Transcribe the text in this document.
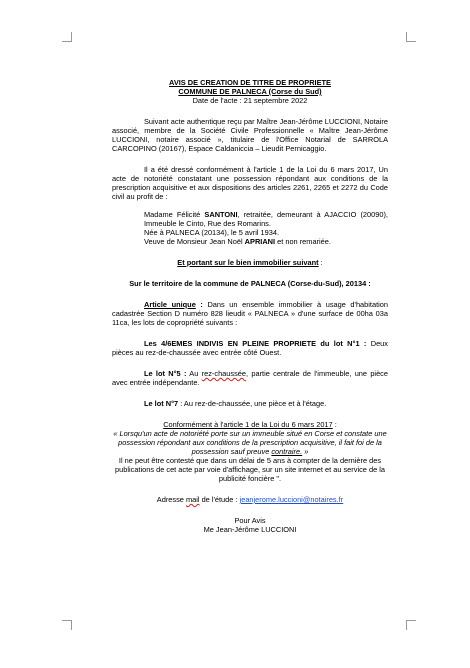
AVIS DE CREATION DE TITRE DE PROPRIETE

COMMUNE DE PALNECA (Corse du Sud)

Date de l'acte : 21 septembre 2022

Suivant acte authentique reçu par Maître Jean-Jérôme LUCCIONI, Notaire associé, membre de la Société Civile Professionnelle « Maître Jean-Jérôme LUCCIONI, notaire associé », titulaire de l'Office Notarial de SARROLA CARCOPINO (20167), Espace Caldaniccia – Lieudit Pernicaggio.

Il a été dressé conformément à l'article 1 de la Loi du 6 mars 2017, Un acte de notoriété constatant une possession répondant aux conditions de la prescription acquisitive et aux dispositions des articles 2261, 2265 et 2272 du Code civil au profit de :

Madame Félicité SANTONI, retraitée, demeurant à AJACCIO (20090), Immeuble le Cinto, Rue des Romarins.

Née à PALNECA (20134), le 5 avril 1934.

Veuve de Monsieur Jean Noël APRIANI et non remariée.

Et portant sur le bien immobilier suivant :

Sur le territoire de la commune de PALNECA (Corse-du-Sud), 20134 :

Article unique : Dans un ensemble immobilier à usage d'habitation cadastrée Section D numéro 828 lieudit « PALNECA » d'une surface de 00ha 03a 11ca, les lots de copropriété suivants :

Les 4/6EMES INDIVIS EN PLEINE PROPRIETE du lot N°1 : Deux pièces au rez-de-chaussée avec entrée côté Ouest.

Le lot N°5 : Au rez-chaussée, partie centrale de l'immeuble, une pièce avec entrée indépendante.

Le lot N°7 : Au rez-de-chaussée, une pièce et à l'étage.

Conformément à l'article 1 de la Loi du 6 mars 2017 :

« Lorsqu'un acte de notoriété porte sur un immeuble situé en Corse et constate une possession répondant aux conditions de la prescription acquisitive, il fait foi de la possession sauf preuve contraire. »

Il ne peut être contesté que dans un délai de 5 ans à compter de la dernière des publications de cet acte par voie d'affichage, sur un site internet et au service de la publicité foncière ".

Adresse mail de l'étude : jeanjerome.luccioni@notaires.fr

Pour Avis

Me Jean-Jérôme LUCCIONI
